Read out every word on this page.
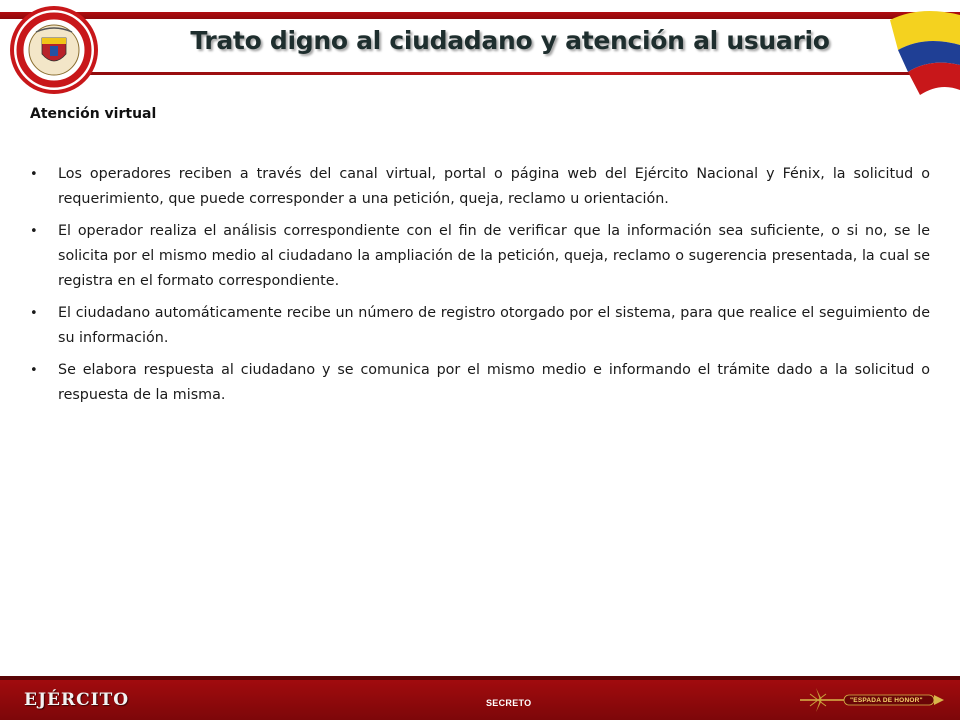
Trato digno al ciudadano y atención al usuario
Atención virtual
• Los operadores reciben a través del canal virtual, portal o página web del Ejército Nacional y Fénix, la solicitud o requerimiento, que puede corresponder a una petición, queja, reclamo u orientación.
• El operador realiza el análisis correspondiente con el fin de verificar que la información sea suficiente, o si no, se le solicita por el mismo medio al ciudadano la ampliación de la petición, queja, reclamo o sugerencia presentada, la cual se registra en el formato correspondiente.
• El ciudadano automáticamente recibe un número de registro otorgado por el sistema, para que realice el seguimiento de su información.
• Se elabora respuesta al ciudadano y se comunica por el mismo medio e informando el trámite dado a la solicitud o respuesta de la misma.
EJÉRCITO	SECRETO	"ESPADA DE HONOR"
